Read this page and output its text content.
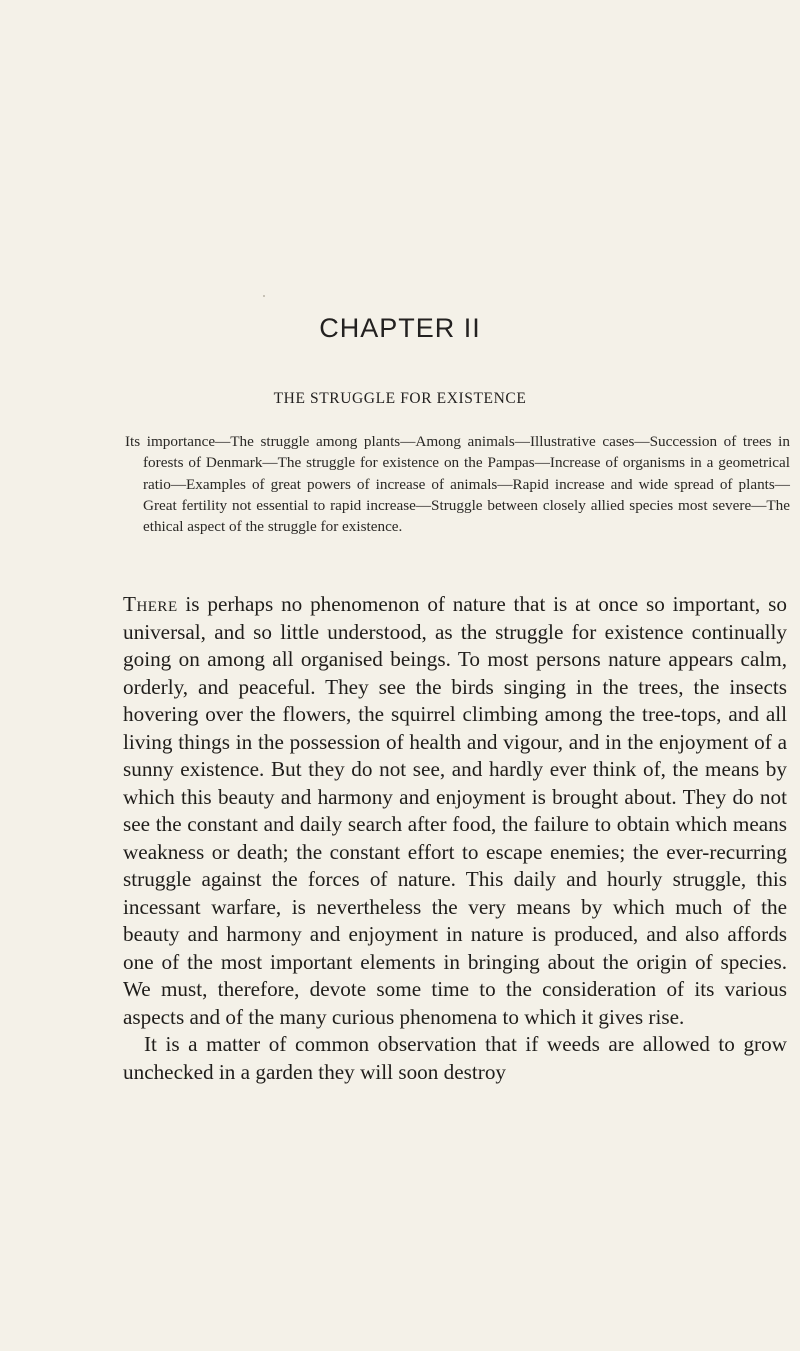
CHAPTER II
THE STRUGGLE FOR EXISTENCE

Its importance—The struggle among plants—Among animals—Illustrative cases—Succession of trees in forests of Denmark—The struggle for existence on the Pampas—Increase of organisms in a geometrical ratio—Examples of great powers of increase of animals—Rapid increase and wide spread of plants—Great fertility not essential to rapid increase—Struggle between closely allied species most severe—The ethical aspect of the struggle for existence.

There is perhaps no phenomenon of nature that is at once so important, so universal, and so little understood, as the struggle for existence continually going on among all organised beings. To most persons nature appears calm, orderly, and peaceful. They see the birds singing in the trees, the insects hovering over the flowers, the squirrel climbing among the tree-tops, and all living things in the possession of health and vigour, and in the enjoyment of a sunny existence. But they do not see, and hardly ever think of, the means by which this beauty and harmony and enjoyment is brought about. They do not see the constant and daily search after food, the failure to obtain which means weakness or death; the constant effort to escape enemies; the ever-recurring struggle against the forces of nature. This daily and hourly struggle, this incessant warfare, is nevertheless the very means by which much of the beauty and harmony and enjoyment in nature is produced, and also affords one of the most important elements in bringing about the origin of species. We must, therefore, devote some time to the consideration of its various aspects and of the many curious phenomena to which it gives rise.

It is a matter of common observation that if weeds are allowed to grow unchecked in a garden they will soon destroy
